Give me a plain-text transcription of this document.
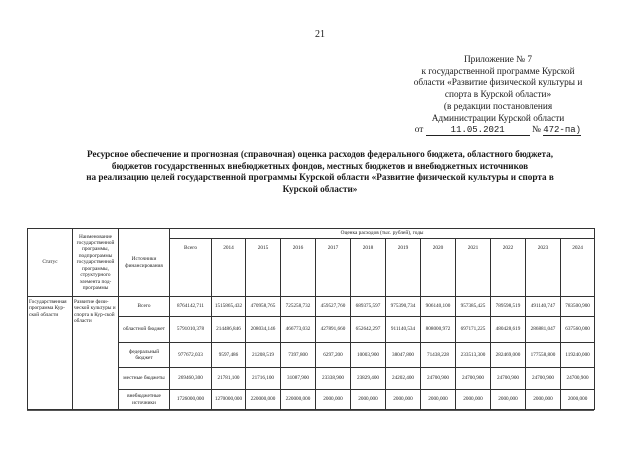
21
Приложение № 7
к государственной программе Курской
области «Развитие физической культуры и
спорта в Курской области»
(в редакции постановления
Администрации Курской области
от	11.05.2021	№ 472-па)
Ресурсное обеспечение и прогнозная (справочная) оценка расходов федерального бюджета, областного бюджета,
бюджетов государственных внебюджетных фондов, местных бюджетов и внебюджетных источников
на реализацию целей государственной программы Курской области «Развитие физической культуры и спорта в
Курской области»
Статус	Наименование государственной программы, подпрограммы государственной программы, структурного элемента под-программы	Источники финансирования	Оценка расходов (тыс. рублей), годы											
			Всего	2014	2015	2016	2017	2018	2019	2020	2021	2022	2023	2024
Государственная программа Кур-ской области	Развитие физи-ческой культуры и спорта в Кур-ской области	Всего	8764142,711	1515865,432	470958,765	725258,732	459527,760	689375,597	975390,734	906140,100	957385,425	789598,519	491140,747	783500,900
		областной бюджет	5791010,378	214486,846	208034,146	466773,032	427891,660	652642,297	911140,534	808000,972	697171,225	480428,619	286881,047	637560,000
		федеральный бюджет	977672,033	9597,486	21208,519	7397,800	6297,200	10003,900	38047,800	71438,228	233513,300	282469,000	177558,800	119240,000
		местные бюджеты	269460,300	21781,100	21716,100	31087,900	23338,900	23829,400	24202,400	24700,900	24700,900	24700,900	24700,900	24700,900
		внебюджетные источники	1726000,000	1270000,000	220000,000	220000,000	2000,000	2000,000	2000,000	2000,000	2000,000	2000,000	2000,000	2000,000
